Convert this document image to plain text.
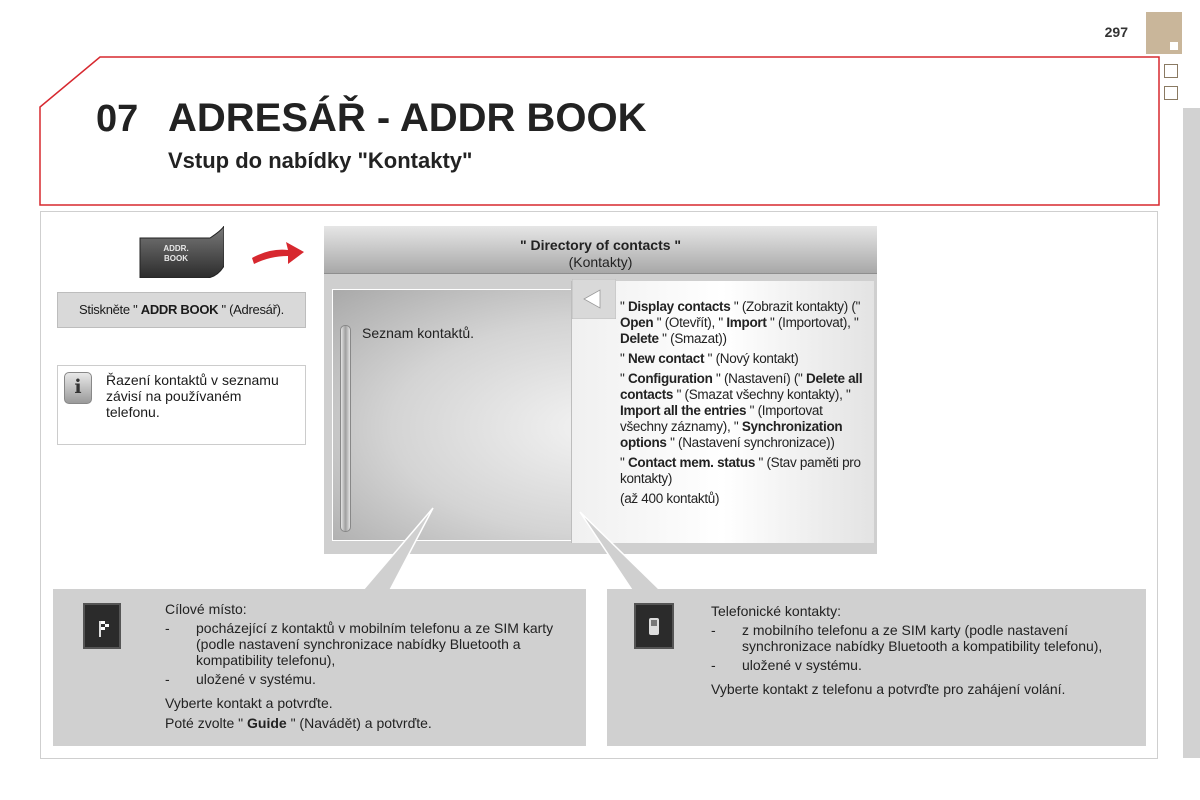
297
07 ADRESÁŘ - ADDR BOOK
Vstup do nabídky "Kontakty"
ADDR.
BOOK
Stiskněte " ADDR BOOK " (Adresář).
i	Řazení kontaktů v seznamu závisí na používaném telefonu.
" Directory of contacts "
(Kontakty)
Seznam kontaktů.
" Display contacts " (Zobrazit kontakty) (" Open " (Otevřít), " Import " (Importovat), " Delete " (Smazat))
" New contact " (Nový kontakt)
" Configuration " (Nastavení) (" Delete all contacts " (Smazat všechny kontakty), " Import all the entries " (Importovat všechny záznamy), " Synchronization options " (Nastavení synchronizace))
" Contact mem. status " (Stav paměti pro kontakty)
(až 400 kontaktů)
Cílové místo:
-	pocházející z kontaktů v mobilním telefonu a ze SIM karty (podle nastavení synchronizace nabídky Bluetooth a kompatibility telefonu),
-	uložené v systému.
Vyberte kontakt a potvrďte.
Poté zvolte " Guide " (Navádět) a potvrďte.
Telefonické kontakty:
-	z mobilního telefonu a ze SIM karty (podle nastavení synchronizace nabídky Bluetooth a kompatibility telefonu),
-	uložené v systému.
Vyberte kontakt z telefonu a potvrďte pro zahájení volání.
